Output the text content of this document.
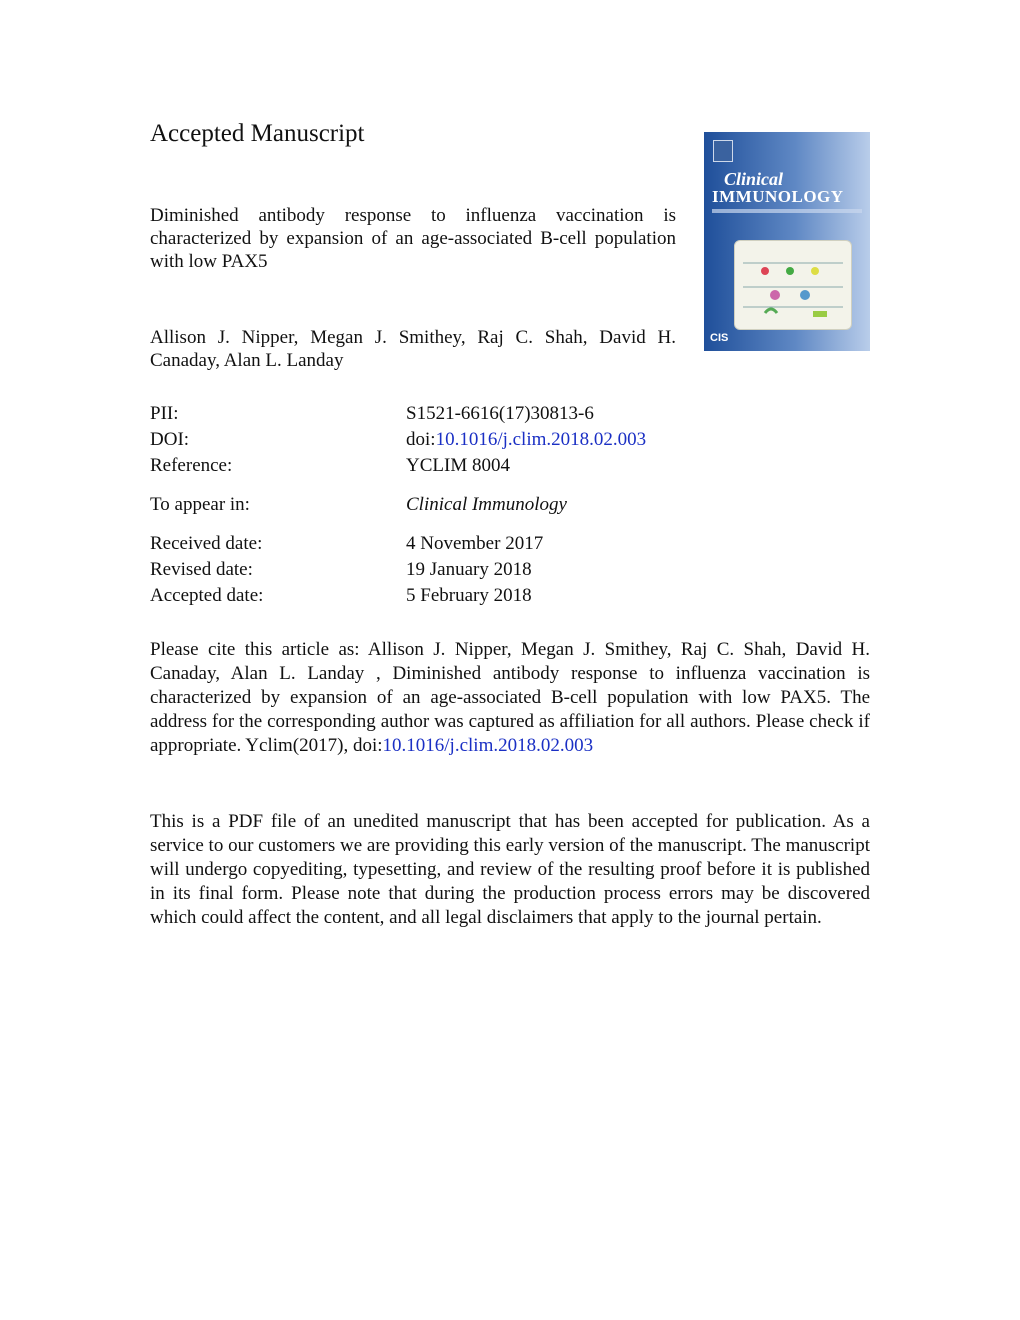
Accepted Manuscript
Diminished antibody response to influenza vaccination is characterized by expansion of an age-associated B-cell population with low PAX5
Allison J. Nipper, Megan J. Smithey, Raj C. Shah, David H. Canaday, Alan L. Landay
Clinical
IMMUNOLOGY
CIS
PII:	S1521-6616(17)30813-6
DOI:	doi:10.1016/j.clim.2018.02.003
Reference:	YCLIM 8004
To appear in:	Clinical Immunology
Received date:	4 November 2017
Revised date:	19 January 2018
Accepted date:	5 February 2018
Please cite this article as: Allison J. Nipper, Megan J. Smithey, Raj C. Shah, David H. Canaday, Alan L. Landay , Diminished antibody response to influenza vaccination is characterized by expansion of an age-associated B-cell population with low PAX5. The address for the corresponding author was captured as affiliation for all authors. Please check if appropriate. Yclim(2017), doi:10.1016/j.clim.2018.02.003
This is a PDF file of an unedited manuscript that has been accepted for publication. As a service to our customers we are providing this early version of the manuscript. The manuscript will undergo copyediting, typesetting, and review of the resulting proof before it is published in its final form. Please note that during the production process errors may be discovered which could affect the content, and all legal disclaimers that apply to the journal pertain.
